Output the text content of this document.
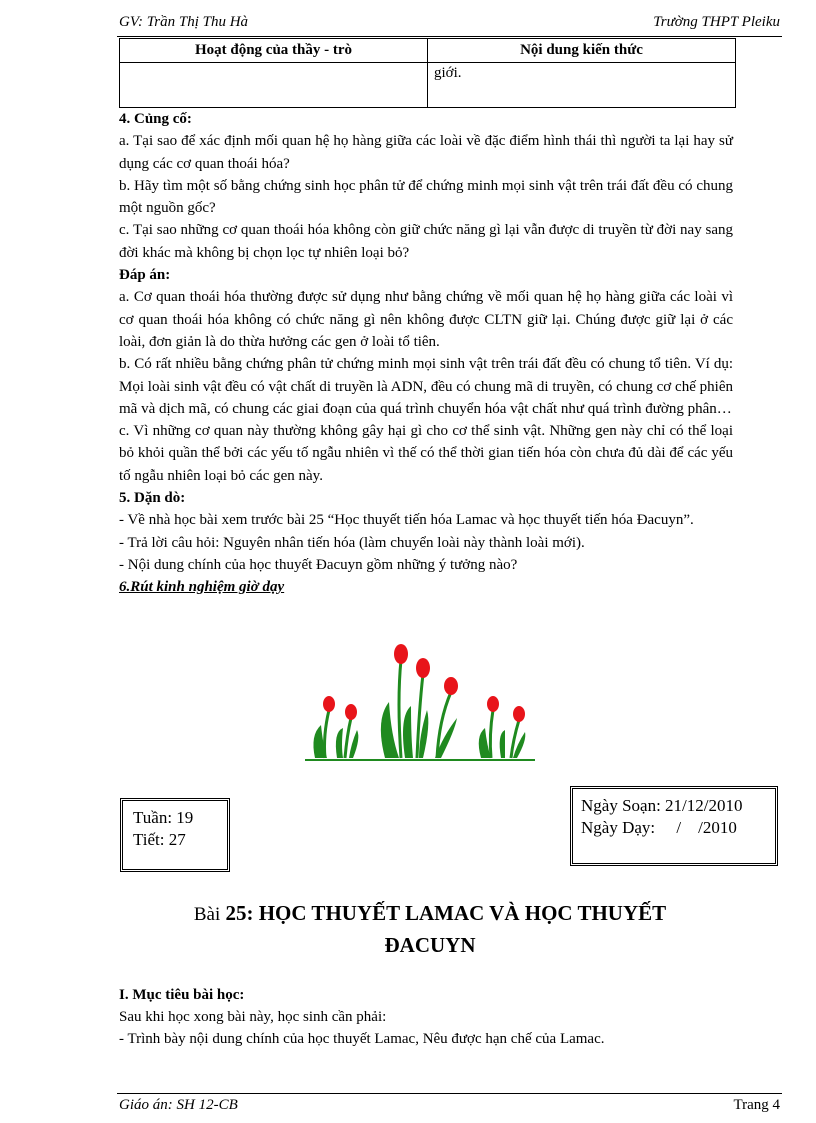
GV: Trần Thị Thu Hà	Trường THPT Pleiku
Hoạt động của thầy - trò	Nội dung kiến thức
	giới.

4. Củng cố:

a. Tại sao để xác định mối quan hệ họ hàng giữa các loài về đặc điểm hình thái thì người ta lại hay sử dụng các cơ quan thoái hóa?

b. Hãy tìm một số bằng chứng sinh học phân tử để chứng minh mọi sinh vật trên trái đất đều có chung một nguồn gốc?

c. Tại sao những cơ quan thoái hóa không còn giữ chức năng gì lại vẫn được di truyền từ đời nay sang đời khác mà không bị chọn lọc tự nhiên loại bỏ?

Đáp án:

a. Cơ quan thoái hóa thường được sử dụng như bằng chứng về mối quan hệ họ hàng giữa các loài vì cơ quan thoái hóa không có chức năng gì nên không được CLTN giữ lại. Chúng được giữ lại ở các loài, đơn giản là do thừa hưởng các gen ở loài tổ tiên.

b. Có rất nhiều bằng chứng phân tử chứng minh mọi sinh vật trên trái đất đều có chung tổ tiên. Ví dụ: Mọi loài sinh vật đều có vật chất di truyền là ADN, đều có chung mã di truyền, có chung cơ chế phiên mã và dịch mã, có chung các giai đoạn của quá trình chuyển hóa vật chất như quá trình đường phân…

c. Vì những cơ quan này thường không gây hại gì cho cơ thể sinh vật. Những gen này chỉ có thể loại bỏ khỏi quần thể bởi các yếu tố ngẫu nhiên vì thế có thể thời gian tiến hóa còn chưa đủ dài để các yếu tố ngẫu nhiên loại bỏ các gen này.

5. Dặn dò:

- Về nhà học bài xem trước bài 25 “Học thuyết tiến hóa Lamac và học thuyết tiến hóa Đacuyn”.

- Trả lời câu hỏi: Nguyên nhân tiến hóa (làm chuyển loài này thành loài mới).

- Nội dung chính của học thuyết Đacuyn gồm những ý tưởng nào?

6.Rút kinh nghiệm giờ dạy

Tuần: 19
Tiết: 27
Ngày Soạn: 21/12/2010
Ngày Dạy:     /    /2010
Bài 25: HỌC THUYẾT LAMAC VÀ HỌC THUYẾT
ĐACUYN

I. Mục tiêu bài học:

Sau khi học xong bài này, học sinh cần phải:

- Trình bày nội dung chính của học thuyết Lamac, Nêu được hạn chế của Lamac.

Giáo án: SH 12-CB	Trang 4
